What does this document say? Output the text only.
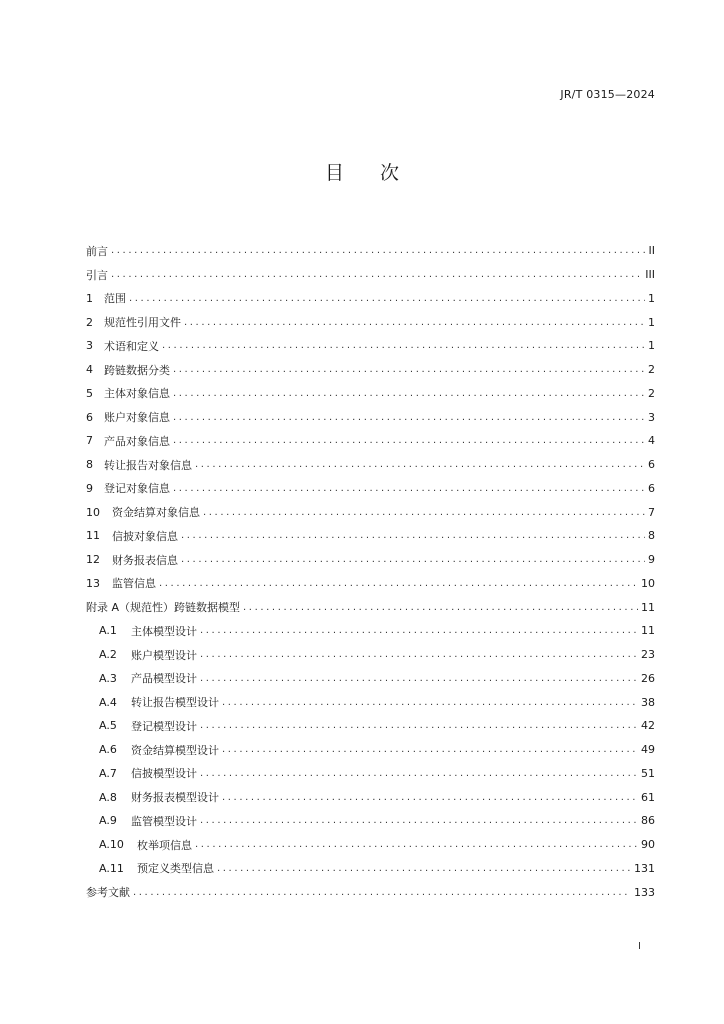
JR/T 0315—2024
目 次
前言 .....	II
引言 .....	III
1	范围 .....	1
2	规范性引用文件 .....	1
3	术语和定义 .....	1
4	跨链数据分类 .....	2
5	主体对象信息 .....	2
6	账户对象信息 .....	3
7	产品对象信息 .....	4
8	转让报告对象信息 .....	6
9	登记对象信息 .....	6
10	资金结算对象信息 .....	7
11	信披对象信息 .....	8
12	财务报表信息 .....	9
13	监管信息 .....	10
附录 A（规范性）跨链数据模型 .....	11
A.1	主体模型设计 .....	11
A.2	账户模型设计 .....	23
A.3	产品模型设计 .....	26
A.4	转让报告模型设计 .....	38
A.5	登记模型设计 .....	42
A.6	资金结算模型设计 .....	49
A.7	信披模型设计 .....	51
A.8	财务报表模型设计 .....	61
A.9	监管模型设计 .....	86
A.10	枚举项信息 .....	90
A.11	预定义类型信息 .....	131
参考文献 .....	133
I
